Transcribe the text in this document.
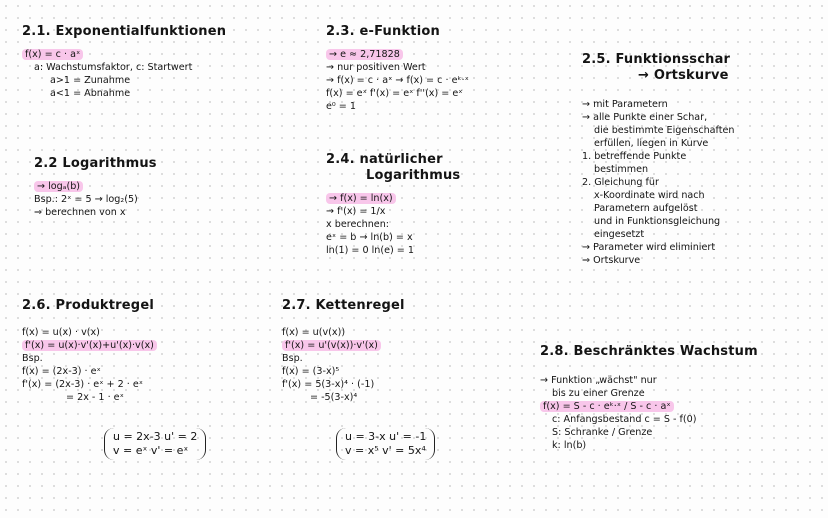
2.1. Exponentialfunktionen
f(x) = c · aˣ
a: Wachstumsfaktor, c: Startwert
a>1 = Zunahme
a<1 = Abnahme
2.2 Logarithmus
→ logₐ(b)
Bsp.: 2ˣ = 5 → log₂(5)
⇒ berechnen von x
2.3. e-Funktion
→ e ≈ 2,71828
→ nur positiven Wert
→ f(x) = c · aˣ → f(x) = c · eᵏ·ˣ
f(x) = eˣ f'(x) = eˣ f''(x) = eˣ
e⁰ = 1
2.4. natürlicher
Logarithmus
→ f(x) = ln(x)
→ f'(x) = 1/x
x berechnen:
eˣ = b → ln(b) = x
ln(1) = 0 ln(e) = 1
2.5. Funktionsschar
→ Ortskurve
→ mit Parametern
→ alle Punkte einer Schar,
die bestimmte Eigenschaften
erfüllen, liegen in Kurve
1. betreffende Punkte
bestimmen
2. Gleichung für
x-Koordinate wird nach
Parametern aufgelöst
und in Funktionsgleichung
eingesetzt
→ Parameter wird eliminiert
⇒ Ortskurve
2.6. Produktregel
f(x) = u(x) · v(x)
f'(x) = u(x)·v'(x)+u'(x)·v(x)
Bsp.
f(x) = (2x-3) · eˣ
f'(x) = (2x-3) · eˣ + 2 · eˣ
= 2x - 1 · eˣ
u = 2x-3 u' = 2
v = eˣ v' = eˣ
2.7. Kettenregel
f(x) = u(v(x))
f'(x) = u'(v(x))·v'(x)
Bsp.
f(x) = (3-x)⁵
f'(x) = 5(3-x)⁴ · (-1)
= -5(3-x)⁴
u = 3-x u' = -1
v = x⁵ v' = 5x⁴
2.8. Beschränktes Wachstum
→ Funktion „wächst" nur
bis zu einer Grenze
f(x) = S - c · eᵏ·ˣ / S - c · aˣ
c: Anfangsbestand c = S - f(0)
S: Schranke / Grenze
k: ln(b)
